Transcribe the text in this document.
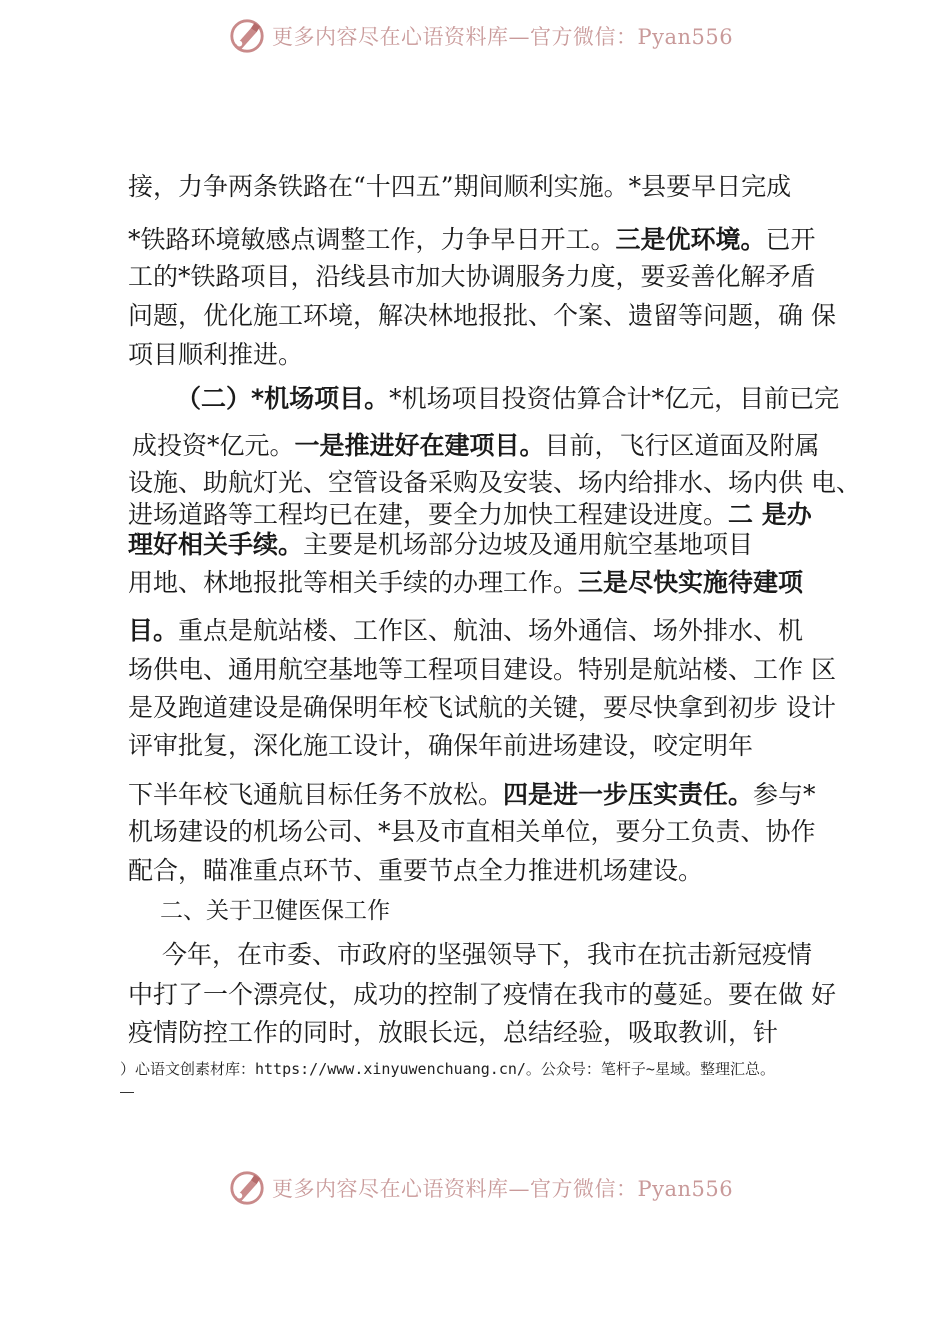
更多内容尽在心语资料库—官方微信：Pyan556
接，力争两条铁路在“十四五”期间顺利实施。*县要早日完成
*铁路环境敏感点调整工作，力争早日开工。三是优环境。已开
工的*铁路项目，沿线县市加大协调服务力度，要妥善化解矛盾
问题，优化施工环境，解决林地报批、个案、遗留等问题，确 保
项目顺利推进。
（二）*机场项目。*机场项目投资估算合计*亿元，目前已完
成投资*亿元。一是推进好在建项目。目前，飞行区道面及附属
设施、助航灯光、空管设备采购及安装、场内给排水、场内供 电、
进场道路等工程均已在建，要全力加快工程建设进度。二 是办
理好相关手续。主要是机场部分边坡及通用航空基地项目
用地、林地报批等相关手续的办理工作。三是尽快实施待建项
目。重点是航站楼、工作区、航油、场外通信、场外排水、机
场供电、通用航空基地等工程项目建设。特别是航站楼、工作 区
是及跑道建设是确保明年校飞试航的关键，要尽快拿到初步 设计
评审批复，深化施工设计，确保年前进场建设，咬定明年
下半年校飞通航目标任务不放松。四是进一步压实责任。参与*
机场建设的机场公司、*县及市直相关单位，要分工负责、协作
配合，瞄准重点环节、重要节点全力推进机场建设。
二、关于卫健医保工作
今年，在市委、市政府的坚强领导下，我市在抗击新冠疫情
中打了一个漂亮仗，成功的控制了疫情在我市的蔓延。要在做 好
疫情防控工作的同时，放眼长远，总结经验，吸取教训，针
）心语文创素材库：https://www.xinyuwenchuang.cn/。公众号：笔杆子~星域。整理汇总。
更多内容尽在心语资料库—官方微信：Pyan556
